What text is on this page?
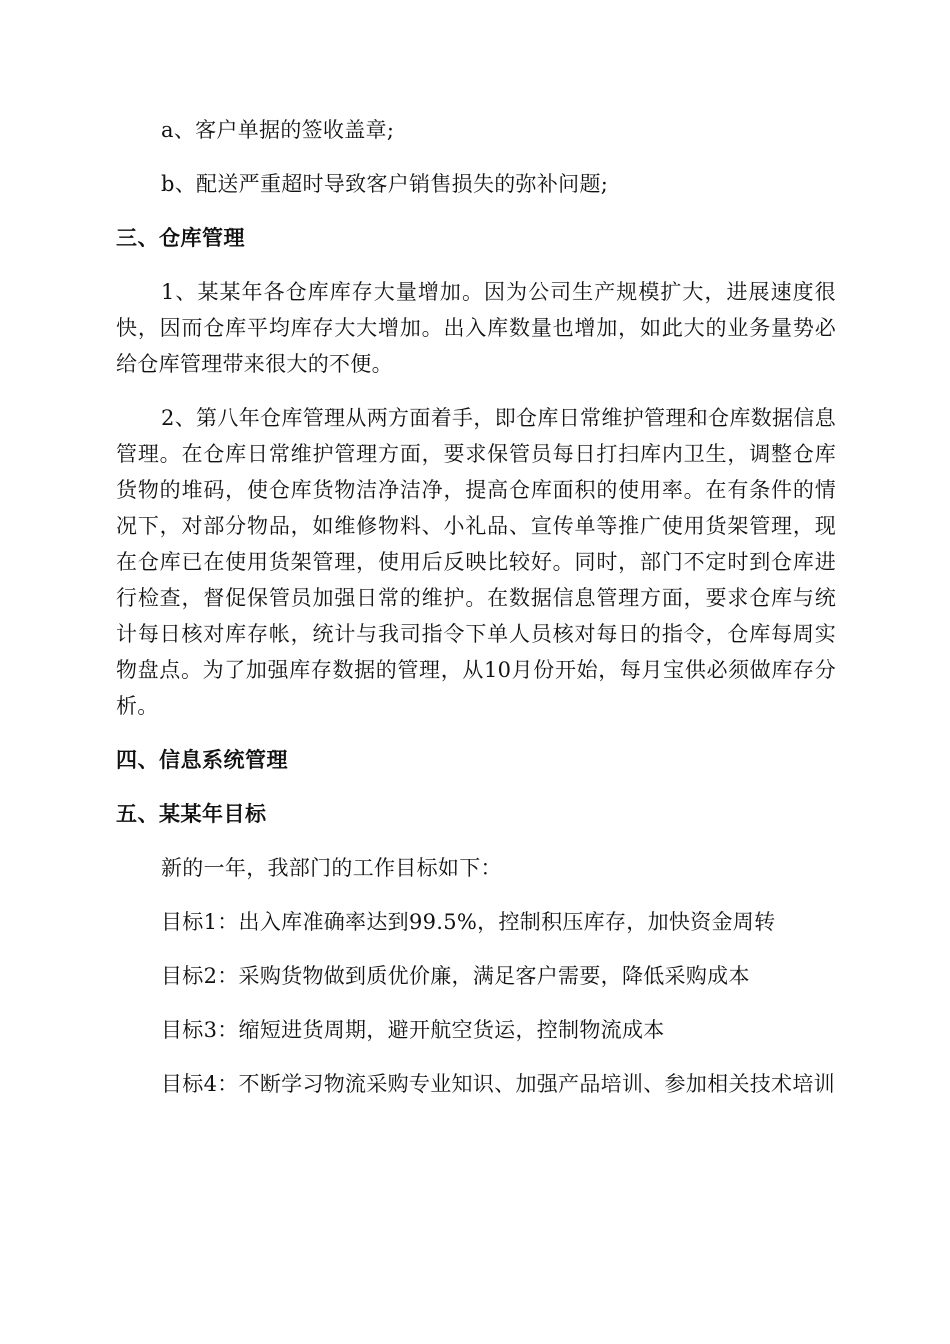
a、客户单据的签收盖章;

b、配送严重超时导致客户销售损失的弥补问题;

三、仓库管理

1、某某年各仓库库存大量增加。因为公司生产规模扩大，进展速度很快，因而仓库平均库存大大增加。出入库数量也增加，如此大的业务量势必给仓库管理带来很大的不便。

2、第八年仓库管理从两方面着手，即仓库日常维护管理和仓库数据信息管理。在仓库日常维护管理方面，要求保管员每日打扫库内卫生，调整仓库货物的堆码，使仓库货物洁净洁净，提高仓库面积的使用率。在有条件的情况下，对部分物品，如维修物料、小礼品、宣传单等推广使用货架管理，现在仓库已在使用货架管理，使用后反映比较好。同时，部门不定时到仓库进行检查，督促保管员加强日常的维护。在数据信息管理方面，要求仓库与统计每日核对库存帐，统计与我司指令下单人员核对每日的指令，仓库每周实物盘点。为了加强库存数据的管理，从10月份开始，每月宝供必须做库存分析。

四、信息系统管理

五、某某年目标

新的一年，我部门的工作目标如下：

目标1：出入库准确率达到99.5%，控制积压库存，加快资金周转

目标2：采购货物做到质优价廉，满足客户需要，降低采购成本

目标3：缩短进货周期，避开航空货运，控制物流成本

目标4：不断学习物流采购专业知识、加强产品培训、参加相关技术培训
